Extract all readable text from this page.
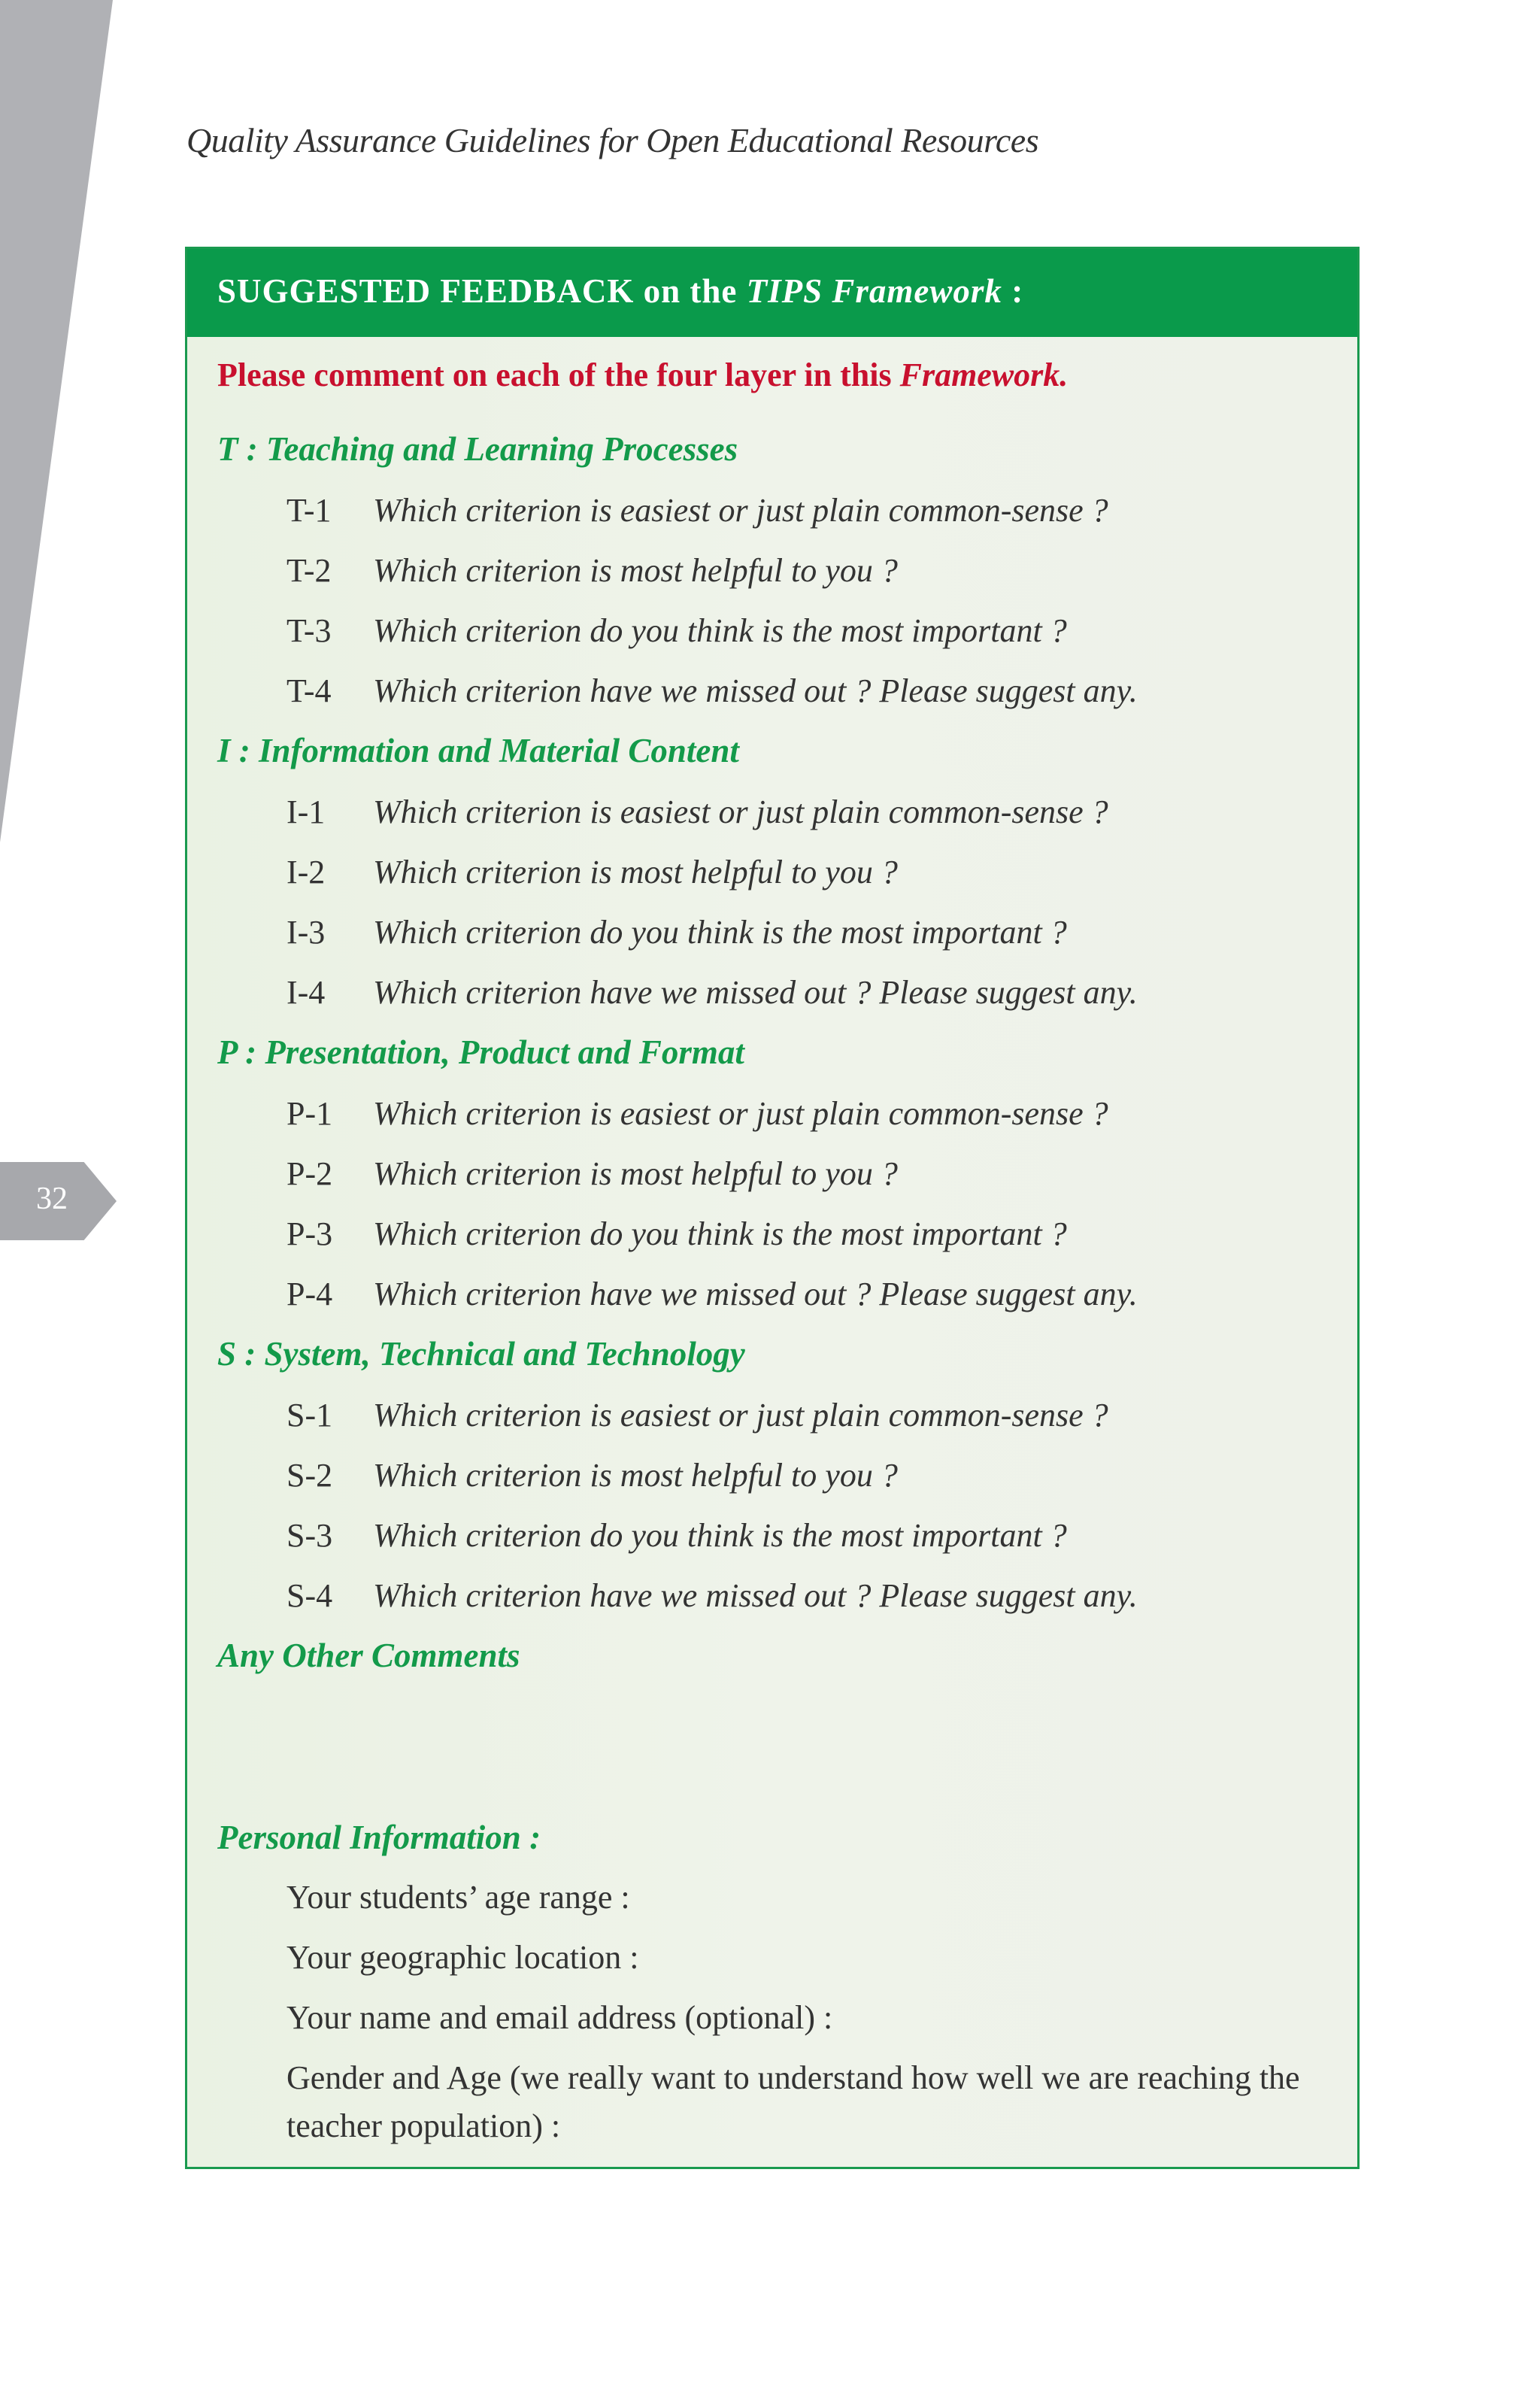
32
Quality Assurance Guidelines for Open Educational Resources
SUGGESTED FEEDBACK on the TIPS Framework :
Please comment on each of the four layer in this Framework.
T : Teaching and Learning Processes
T-1 Which criterion is easiest or just plain common-sense ?
T-2 Which criterion is most helpful to you ?
T-3 Which criterion do you think is the most important ?
T-4 Which criterion have we missed out ? Please suggest any.
I : Information and Material Content
I-1 Which criterion is easiest or just plain common-sense ?
I-2 Which criterion is most helpful to you ?
I-3 Which criterion do you think is the most important ?
I-4 Which criterion have we missed out ? Please suggest any.
P : Presentation, Product and Format
P-1 Which criterion is easiest or just plain common-sense ?
P-2 Which criterion is most helpful to you ?
P-3 Which criterion do you think is the most important ?
P-4 Which criterion have we missed out ? Please suggest any.
S : System, Technical and Technology
S-1 Which criterion is easiest or just plain common-sense ?
S-2 Which criterion is most helpful to you ?
S-3 Which criterion do you think is the most important ?
S-4 Which criterion have we missed out ? Please suggest any.
Any Other Comments
Personal Information :
Your students’ age range :
Your geographic location :
Your name and email address (optional) :
Gender and Age (we really want to understand how well we are reaching the teacher population) :
